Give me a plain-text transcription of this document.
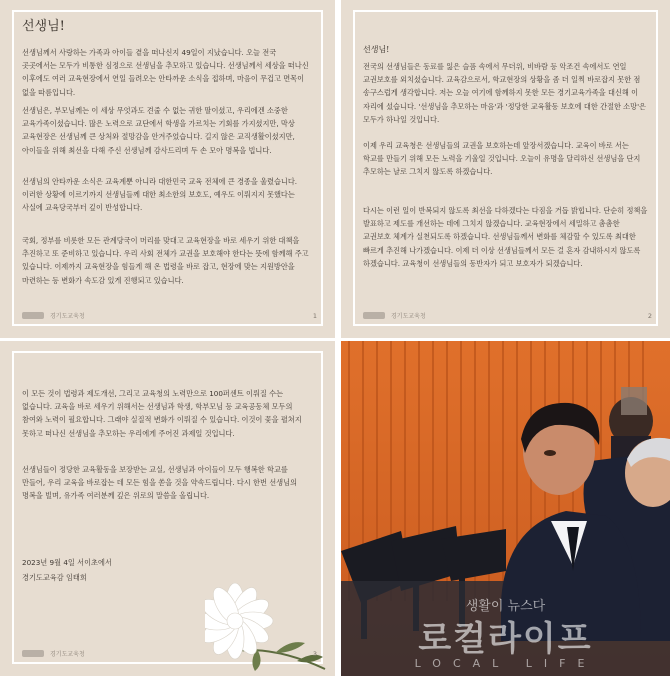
선생님!

선생님께서 사랑하는 가족과 아이들 곁을 떠나신지 49일이 지났습니다. 오늘 전국 곳곳에서는 모두가 비통한 심정으로 선생님을 추모하고 있습니다. 선생님께서 세상을 떠나신 이후에도 여러 교육현장에서 연일 들려오는 안타까운 소식을 접하며, 마음이 무겁고 면목이 없을 따름입니다.

선생님은, 부모님께는 이 세상 무엇과도 견줄 수 없는 귀한 딸이셨고, 우리에겐 소중한 교육가족이셨습니다. 많은 노력으로 교단에서 학생을 가르치는 기회를 가지셨지만, 막상 교육현장은 선생님께 큰 상처와 절망감을 안겨주었습니다. 길지 않은 교직생활이셨지만, 아이들을 위해 최선을 다해 주신 선생님께 감사드리며 두 손 모아 명복을 빕니다.

선생님의 안타까운 소식은 교육계뿐 아니라 대한민국 교육 전체에 큰 경종을 울렸습니다. 이러한 상황에 이르기까지 선생님들께 대한 최소한의 보호도, 예우도 이뤄지지 못했다는 사실에 교육당국부터 깊이 반성합니다.

국회, 정부를 비롯한 모든 관계당국이 머리를 맞대고 교육현장을 바로 세우기 위한 대책을 추진하고 또 준비하고 있습니다. 우리 사회 전체가 교권을 보호해야 한다는 뜻에 함께해 주고 있습니다. 이제까지 교육현장을 힘들게 해 온 법령을 바로 잡고, 현장에 맞는 지원방안을 마련하는 등 변화가 속도감 있게 진행되고 있습니다.

경기도교육청	1
선생님!

전국의 선생님들은 동료를 잃은 슬픔 속에서 무더위, 비바람 등 악조건 속에서도 연일 교권보호를 외치셨습니다. 교육감으로서, 학교현장의 상황을 좀 더 일찍 바로잡지 못한 점 송구스럽게 생각합니다. 저는 오늘 여기에 함께하지 못한 모든 경기교육가족을 대신해 이 자리에 섰습니다. '선생님을 추모하는 마음'과 '정당한 교육활동 보호에 대한 간절한 소망'은 모두가 하나일 것입니다.

이제 우리 교육청은 선생님들의 교권을 보호하는데 앞장서겠습니다. 교육이 바로 서는 학교를 만들기 위해 모든 노력을 기울일 것입니다. 오늘이 유명을 달리하신 선생님을 단지 추모하는 날로 그치지 않도록 하겠습니다.

다시는 이런 일이 반복되지 않도록 최선을 다하겠다는 다짐을 거듭 밝힙니다. 단순히 정책을 발표하고 제도를 개선하는 데에 그치지 않겠습니다. 교육현장에서 세밀하고 촘촘한 교권보호 체계가 실천되도록 하겠습니다. 선생님들께서 변화를 체감할 수 있도록 최대한 빠르게 추진해 나가겠습니다. 이제 더 이상 선생님들께서 모든 걸 혼자 감내하시지 않도록 하겠습니다. 교육청이 선생님들의 동반자가 되고 보호자가 되겠습니다.

경기도교육청	2

이 모든 것이 법령과 제도개선, 그리고 교육청의 노력만으로 100퍼센트 이뤄질 수는 없습니다. 교육을 바로 세우기 위해서는 선생님과 학생, 학부모님 등 교육공동체 모두의 참여와 노력이 필요합니다. 그래야 실질적 변화가 이뤄질 수 있습니다. 이것이 꽃을 펼쳐지 못하고 떠나신 선생님을 추모하는 우리에게 주어진 과제일 것입니다.

선생님들이 정당한 교육활동을 보장받는 교실, 선생님과 아이들이 모두 행복한 학교를 만들어, 우리 교육을 바로잡는 데 모든 힘을 쏟을 것을 약속드립니다. 다시 한번 선생님의 명복을 빌며, 유가족 여러분께 깊은 위로의 말씀을 올립니다.

2023년 9월 4일 서이초에서
경기도교육감 임태희
경기도교육청	3
생활이 뉴스다
로컬라이프
LOCAL LIFE
